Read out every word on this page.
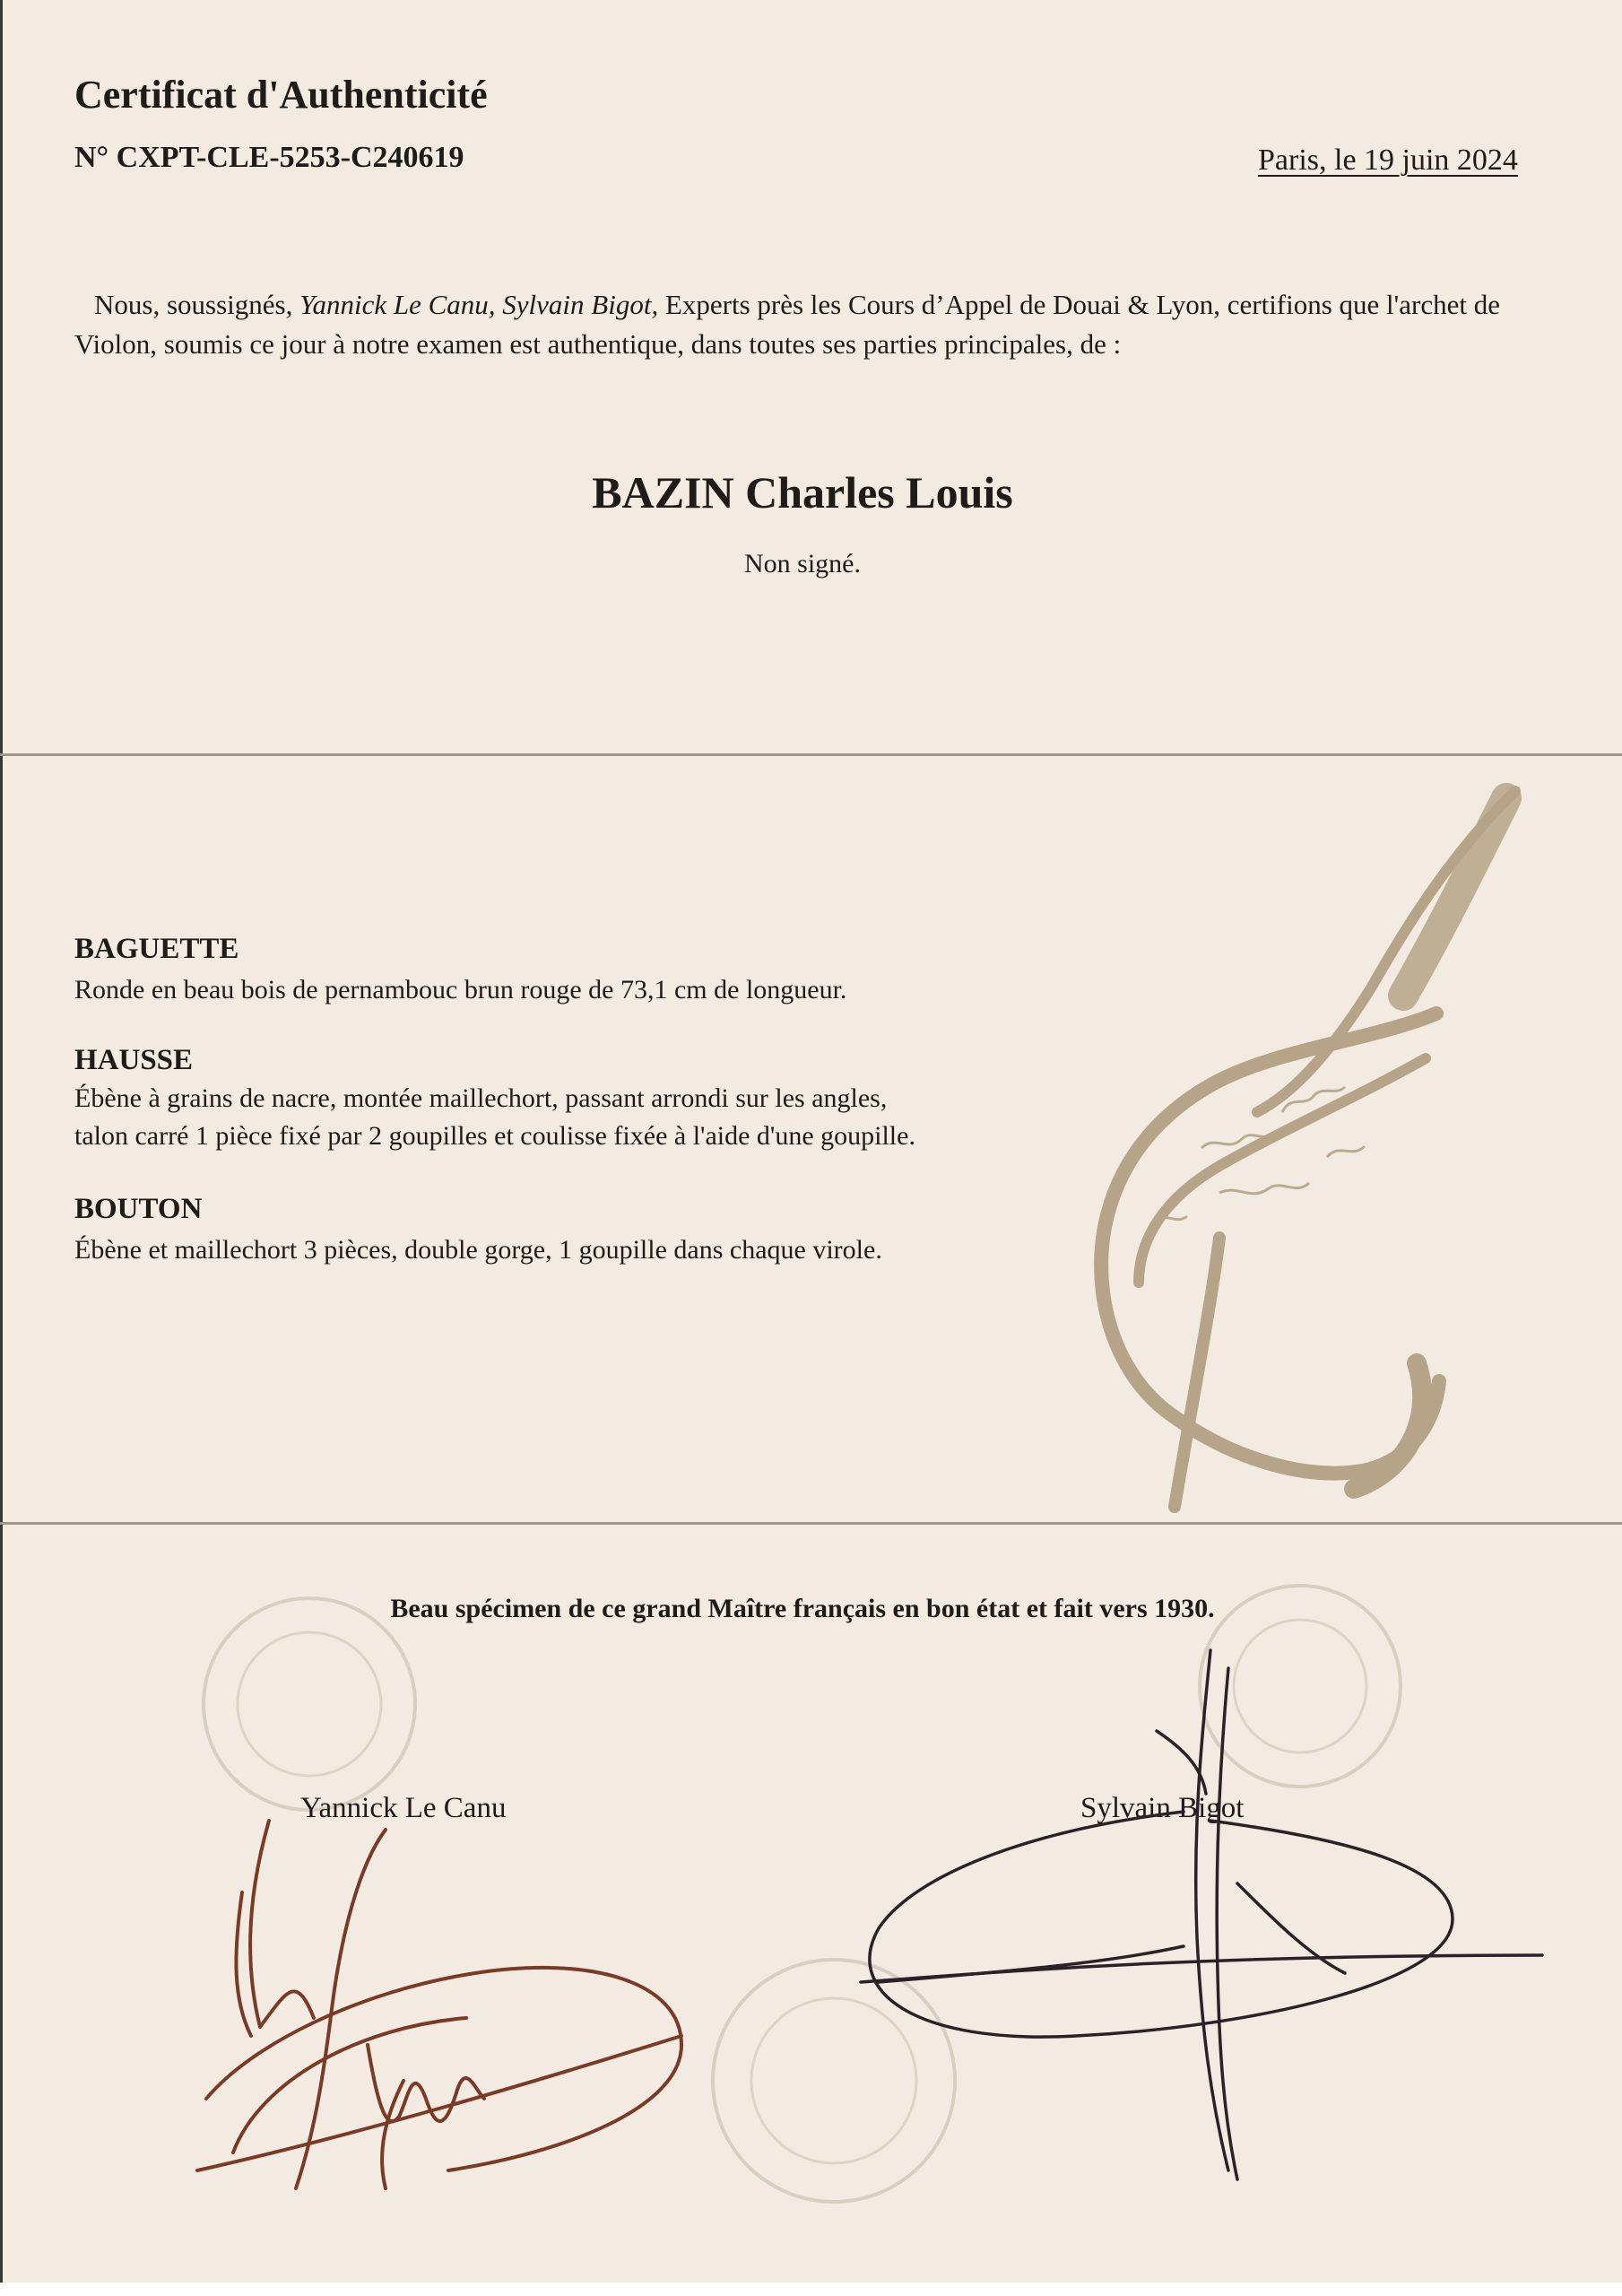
Certificat d'Authenticité
N° CXPT-CLE-5253-C240619	Paris, le 19 juin 2024
Nous, soussignés, Yannick Le Canu, Sylvain Bigot, Experts près les Cours d’Appel de Douai & Lyon, certifions que l'archet de Violon, soumis ce jour à notre examen est authentique, dans toutes ses parties principales, de :
BAZIN Charles Louis
Non signé.
BAGUETTE
Ronde en beau bois de pernambouc brun rouge de 73,1 cm de longueur.
HAUSSE
Ébène à grains de nacre, montée maillechort, passant arrondi sur les angles,
talon carré 1 pièce fixé par 2 goupilles et coulisse fixée à l'aide d'une goupille.
BOUTON
Ébène et maillechort 3 pièces, double gorge, 1 goupille dans chaque virole.
Beau spécimen de ce grand Maître français en bon état et fait vers 1930.
Yannick Le Canu	Sylvain Bigot
